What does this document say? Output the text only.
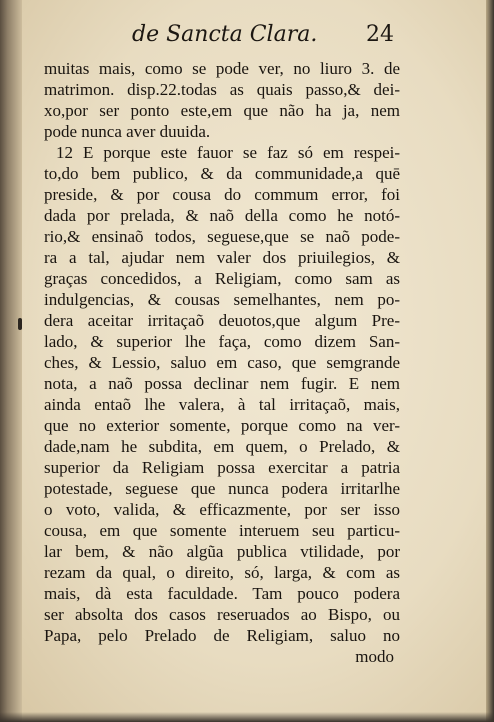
de Sancta Clara. 24
muitas mais, como se pode ver, no liuro 3. de
matrimon. disp.22.todas as quais passo,& dei-
xo,por ser ponto este,em que não ha ja, nem
pode nunca aver duuida.
12 E porque este fauor se faz só em respei-
to,do bem publico, & da communidade,a quē
preside, & por cousa do commum error, foi
dada por prelada, & naõ della como he notó-
rio,& ensinaõ todos, seguese,que se naõ pode-
ra a tal, ajudar nem valer dos priuilegios, &
graças concedidos, a Religiam, como sam as
indulgencias, & cousas semelhantes, nem po-
dera aceitar irritaçaõ deuotos,que algum Pre-
lado, & superior lhe faça, como dizem San-
ches, & Lessio, saluo em caso, que semgrande
nota, a naõ possa declinar nem fugir. E nem
ainda entaõ lhe valera, à tal irritaçaõ, mais,
que no exterior somente, porque como na ver-
dade,nam he subdita, em quem, o Prelado, &
superior da Religiam possa exercitar a patria
potestade, seguese que nunca podera irritarlhe
o voto, valida, & efficazmente, por ser isso
cousa, em que somente interuem seu particu-
lar bem, & não algũa publica vtilidade, por
rezam da qual, o direito, só, larga, & com as
mais, dà esta faculdade. Tam pouco podera
ser absolta dos casos reseruados ao Bispo, ou
Papa, pelo Prelado de Religiam, saluo no
modo
